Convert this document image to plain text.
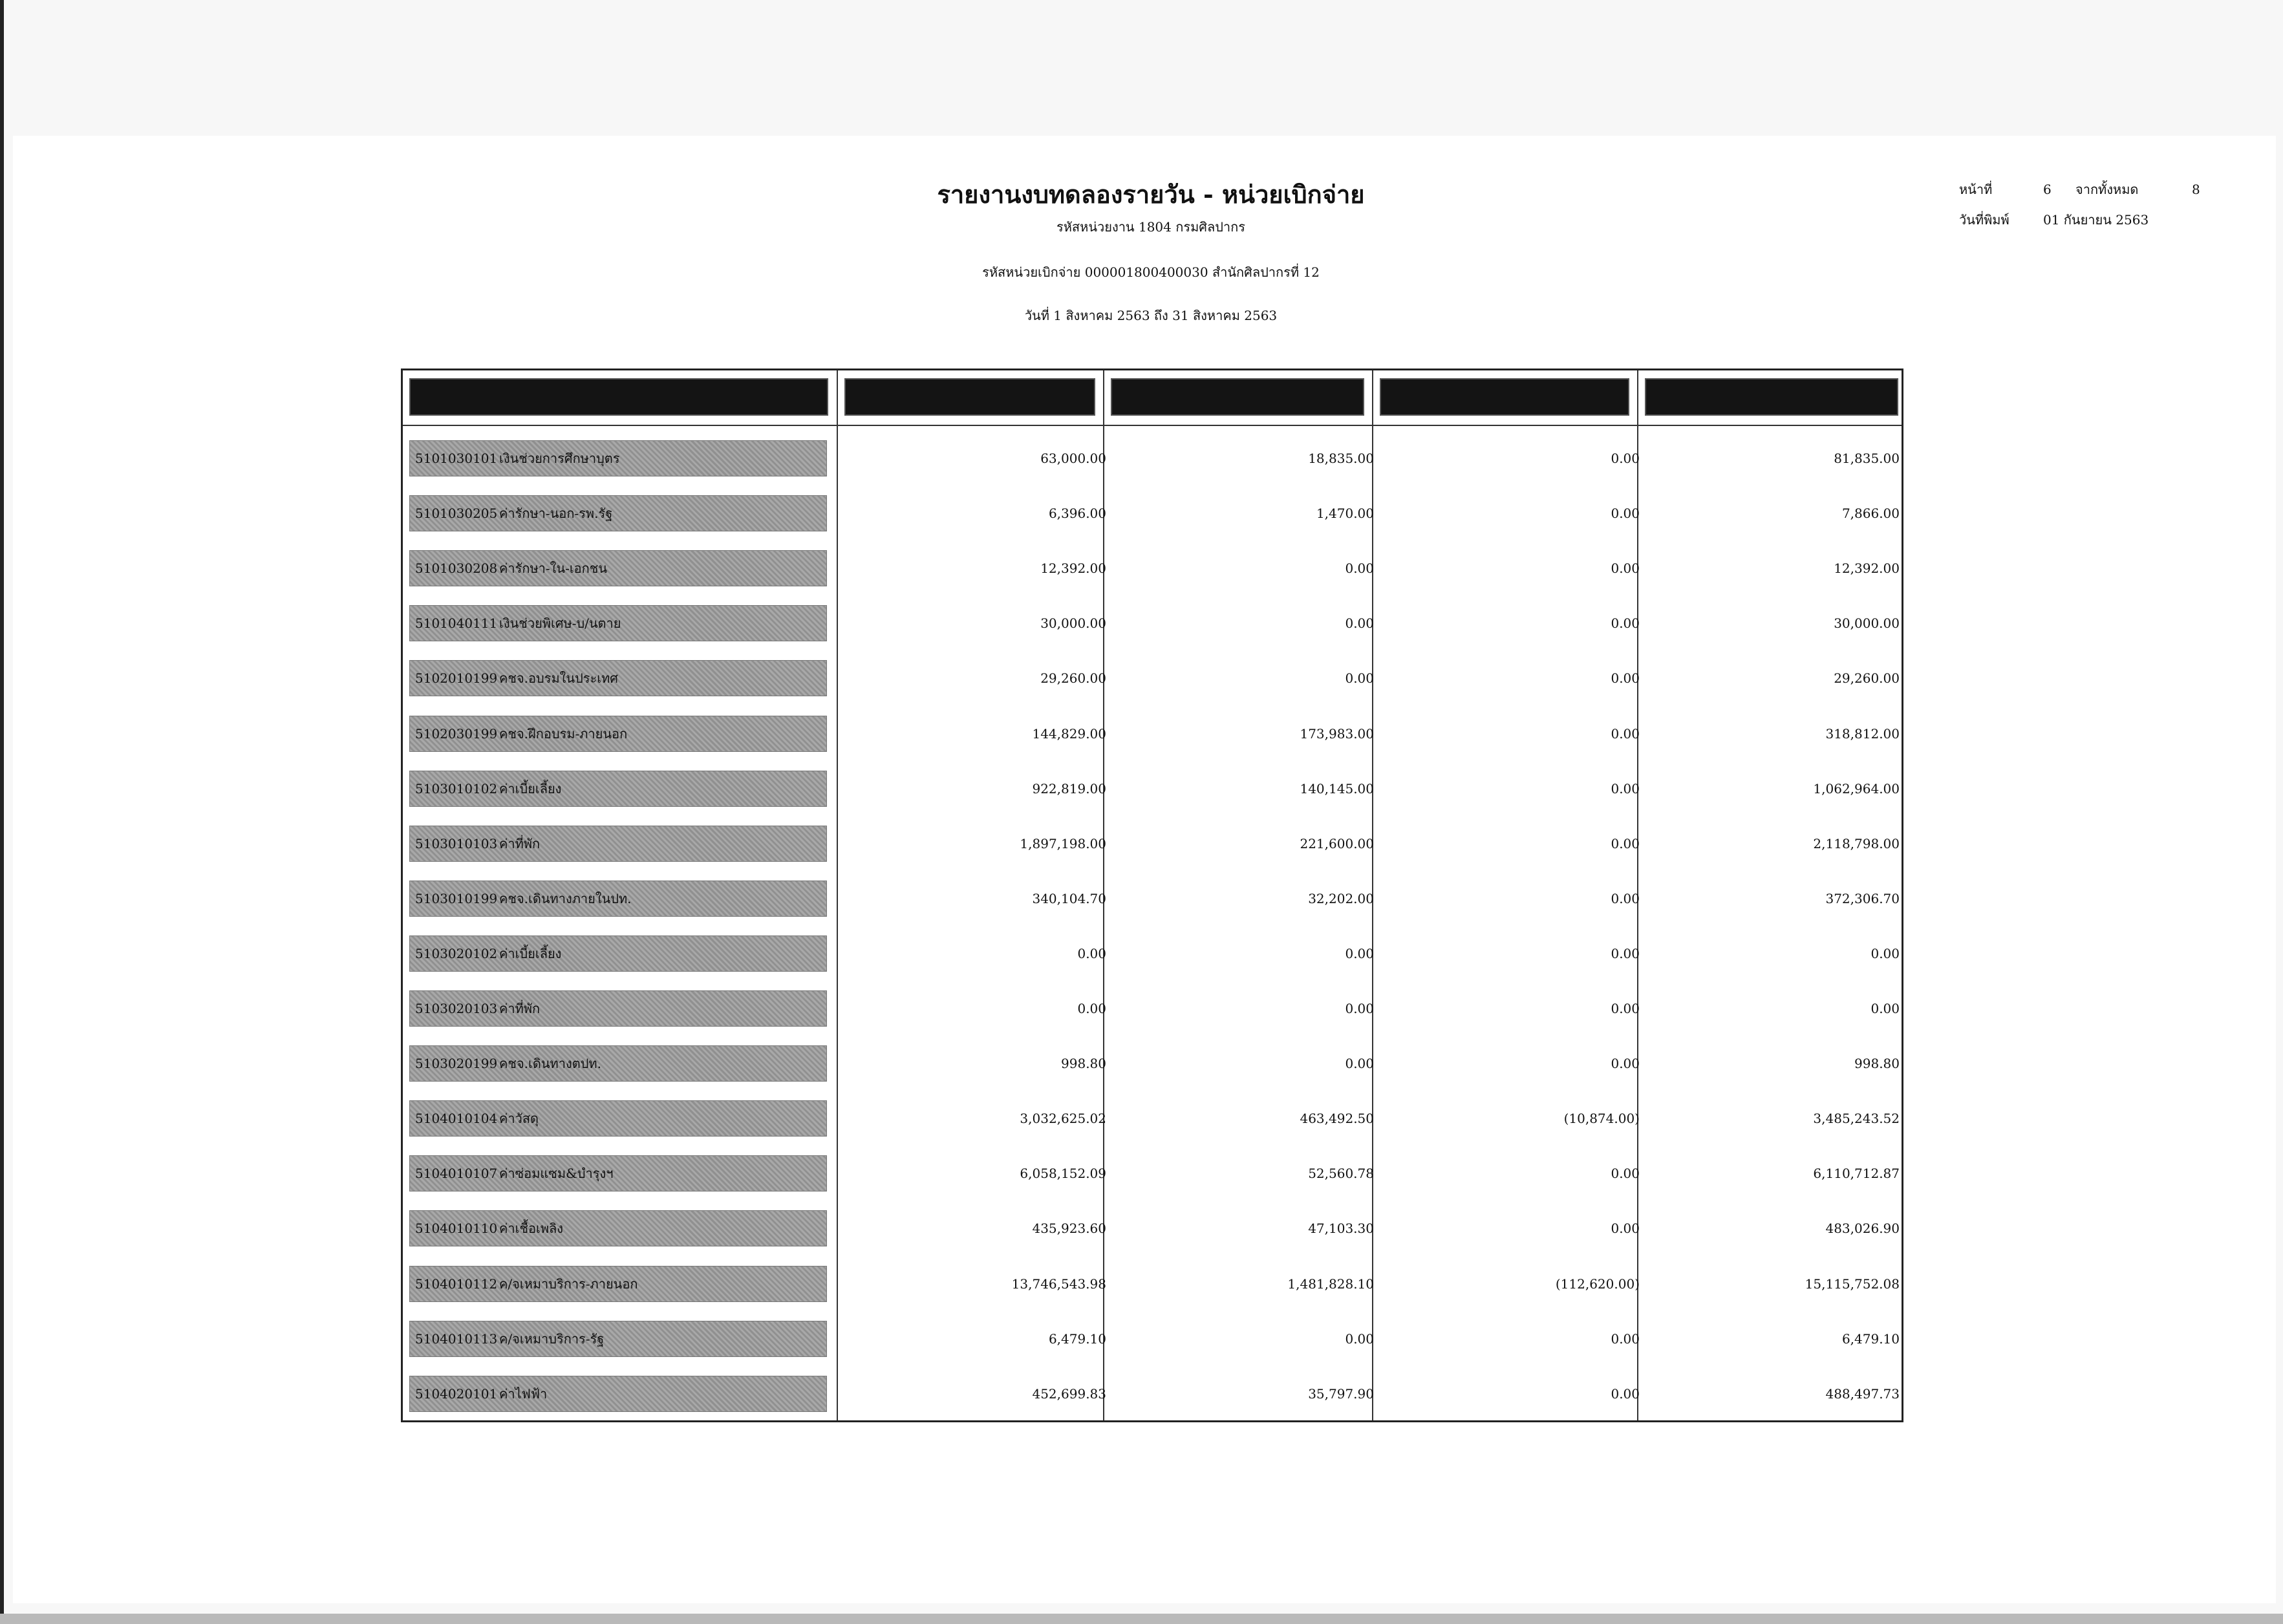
รายงานงบทดลองรายวัน - หน่วยเบิกจ่าย
รหัสหน่วยงาน 1804 กรมศิลปากร
รหัสหน่วยเบิกจ่าย 000001800400030 สำนักศิลปากรที่ 12
วันที่ 1 สิงหาคม 2563 ถึง 31 สิงหาคม 2563
หน้าที่	6 จากทั้งหมด	8
วันที่พิมพ์	01 กันยายน 2563
5101030101 เงินช่วยการศึกษาบุตร	63,000.00	18,835.00	0.00	81,835.00
5101030205 ค่ารักษา-นอก-รพ.รัฐ	6,396.00	1,470.00	0.00	7,866.00
5101030208 ค่ารักษา-ใน-เอกชน	12,392.00	0.00	0.00	12,392.00
5101040111 เงินช่วยพิเศษ-บ/นตาย	30,000.00	0.00	0.00	30,000.00
5102010199 คชจ.อบรมในประเทศ	29,260.00	0.00	0.00	29,260.00
5102030199 คชจ.ฝึกอบรม-ภายนอก	144,829.00	173,983.00	0.00	318,812.00
5103010102 ค่าเบี้ยเลี้ยง	922,819.00	140,145.00	0.00	1,062,964.00
5103010103 ค่าที่พัก	1,897,198.00	221,600.00	0.00	2,118,798.00
5103010199 คชจ.เดินทางภายในปท.	340,104.70	32,202.00	0.00	372,306.70
5103020102 ค่าเบี้ยเลี้ยง	0.00	0.00	0.00	0.00
5103020103 ค่าที่พัก	0.00	0.00	0.00	0.00
5103020199 คชจ.เดินทางตปท.	998.80	0.00	0.00	998.80
5104010104 ค่าวัสดุ	3,032,625.02	463,492.50	(10,874.00)	3,485,243.52
5104010107 ค่าซ่อมแซม&บำรุงฯ	6,058,152.09	52,560.78	0.00	6,110,712.87
5104010110 ค่าเชื้อเพลิง	435,923.60	47,103.30	0.00	483,026.90
5104010112 ค/จเหมาบริการ-ภายนอก	13,746,543.98	1,481,828.10	(112,620.00)	15,115,752.08
5104010113 ค/จเหมาบริการ-รัฐ	6,479.10	0.00	0.00	6,479.10
5104020101 ค่าไฟฟ้า	452,699.83	35,797.90	0.00	488,497.73
